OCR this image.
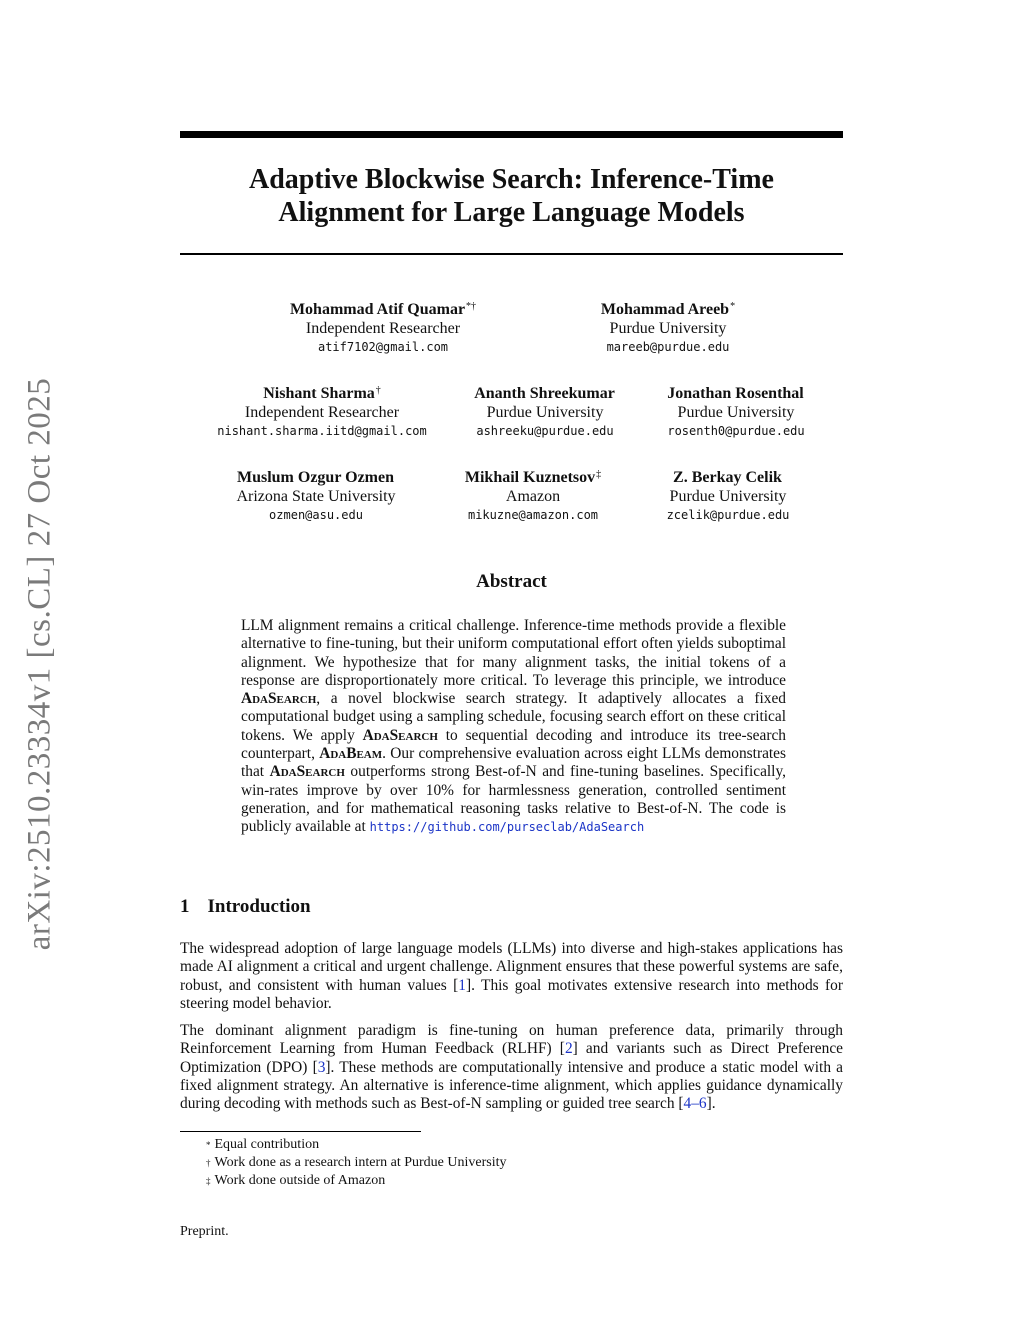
arXiv:2510.23334v1 [cs.CL] 27 Oct 2025
Adaptive Blockwise Search: Inference-Time
Alignment for Large Language Models
Mohammad Atif Quamar*†
Independent Researcher
atif7102@gmail.com
Mohammad Areeb*
Purdue University
mareeb@purdue.edu
Nishant Sharma†
Independent Researcher
nishant.sharma.iitd@gmail.com
Ananth Shreekumar
Purdue University
ashreeku@purdue.edu
Jonathan Rosenthal
Purdue University
rosenth0@purdue.edu
Muslum Ozgur Ozmen
Arizona State University
ozmen@asu.edu
Mikhail Kuznetsov‡
Amazon
mikuzne@amazon.com
Z. Berkay Celik
Purdue University
zcelik@purdue.edu
Abstract

LLM alignment remains a critical challenge. Inference-time methods provide a flexible alternative to fine-tuning, but their uniform computational effort often yields suboptimal alignment. We hypothesize that for many alignment tasks, the initial tokens of a response are disproportionately more critical. To leverage this principle, we introduce AdaSearch, a novel blockwise search strategy. It adaptively allocates a fixed computational budget using a sampling schedule, focusing search effort on these critical tokens. We apply AdaSearch to sequential decoding and introduce its tree-search counterpart, AdaBeam. Our comprehensive evaluation across eight LLMs demonstrates that AdaSearch outperforms strong Best-of-N and fine-tuning baselines. Specifically, win-rates improve by over 10% for harmlessness generation, controlled sentiment generation, and for mathematical reasoning tasks relative to Best-of-N. The code is publicly available at https://github.com/purseclab/AdaSearch

1 Introduction

The widespread adoption of large language models (LLMs) into diverse and high-stakes applications has made AI alignment a critical and urgent challenge. Alignment ensures that these powerful systems are safe, robust, and consistent with human values [1]. This goal motivates extensive research into methods for steering model behavior.

The dominant alignment paradigm is fine-tuning on human preference data, primarily through Reinforcement Learning from Human Feedback (RLHF) [2] and variants such as Direct Preference Optimization (DPO) [3]. These methods are computationally intensive and produce a static model with a fixed alignment strategy. An alternative is inference-time alignment, which applies guidance dynamically during decoding with methods such as Best-of-N sampling or guided tree search [4–6].

* Equal contribution
† Work done as a research intern at Purdue University
‡ Work done outside of Amazon

Preprint.
